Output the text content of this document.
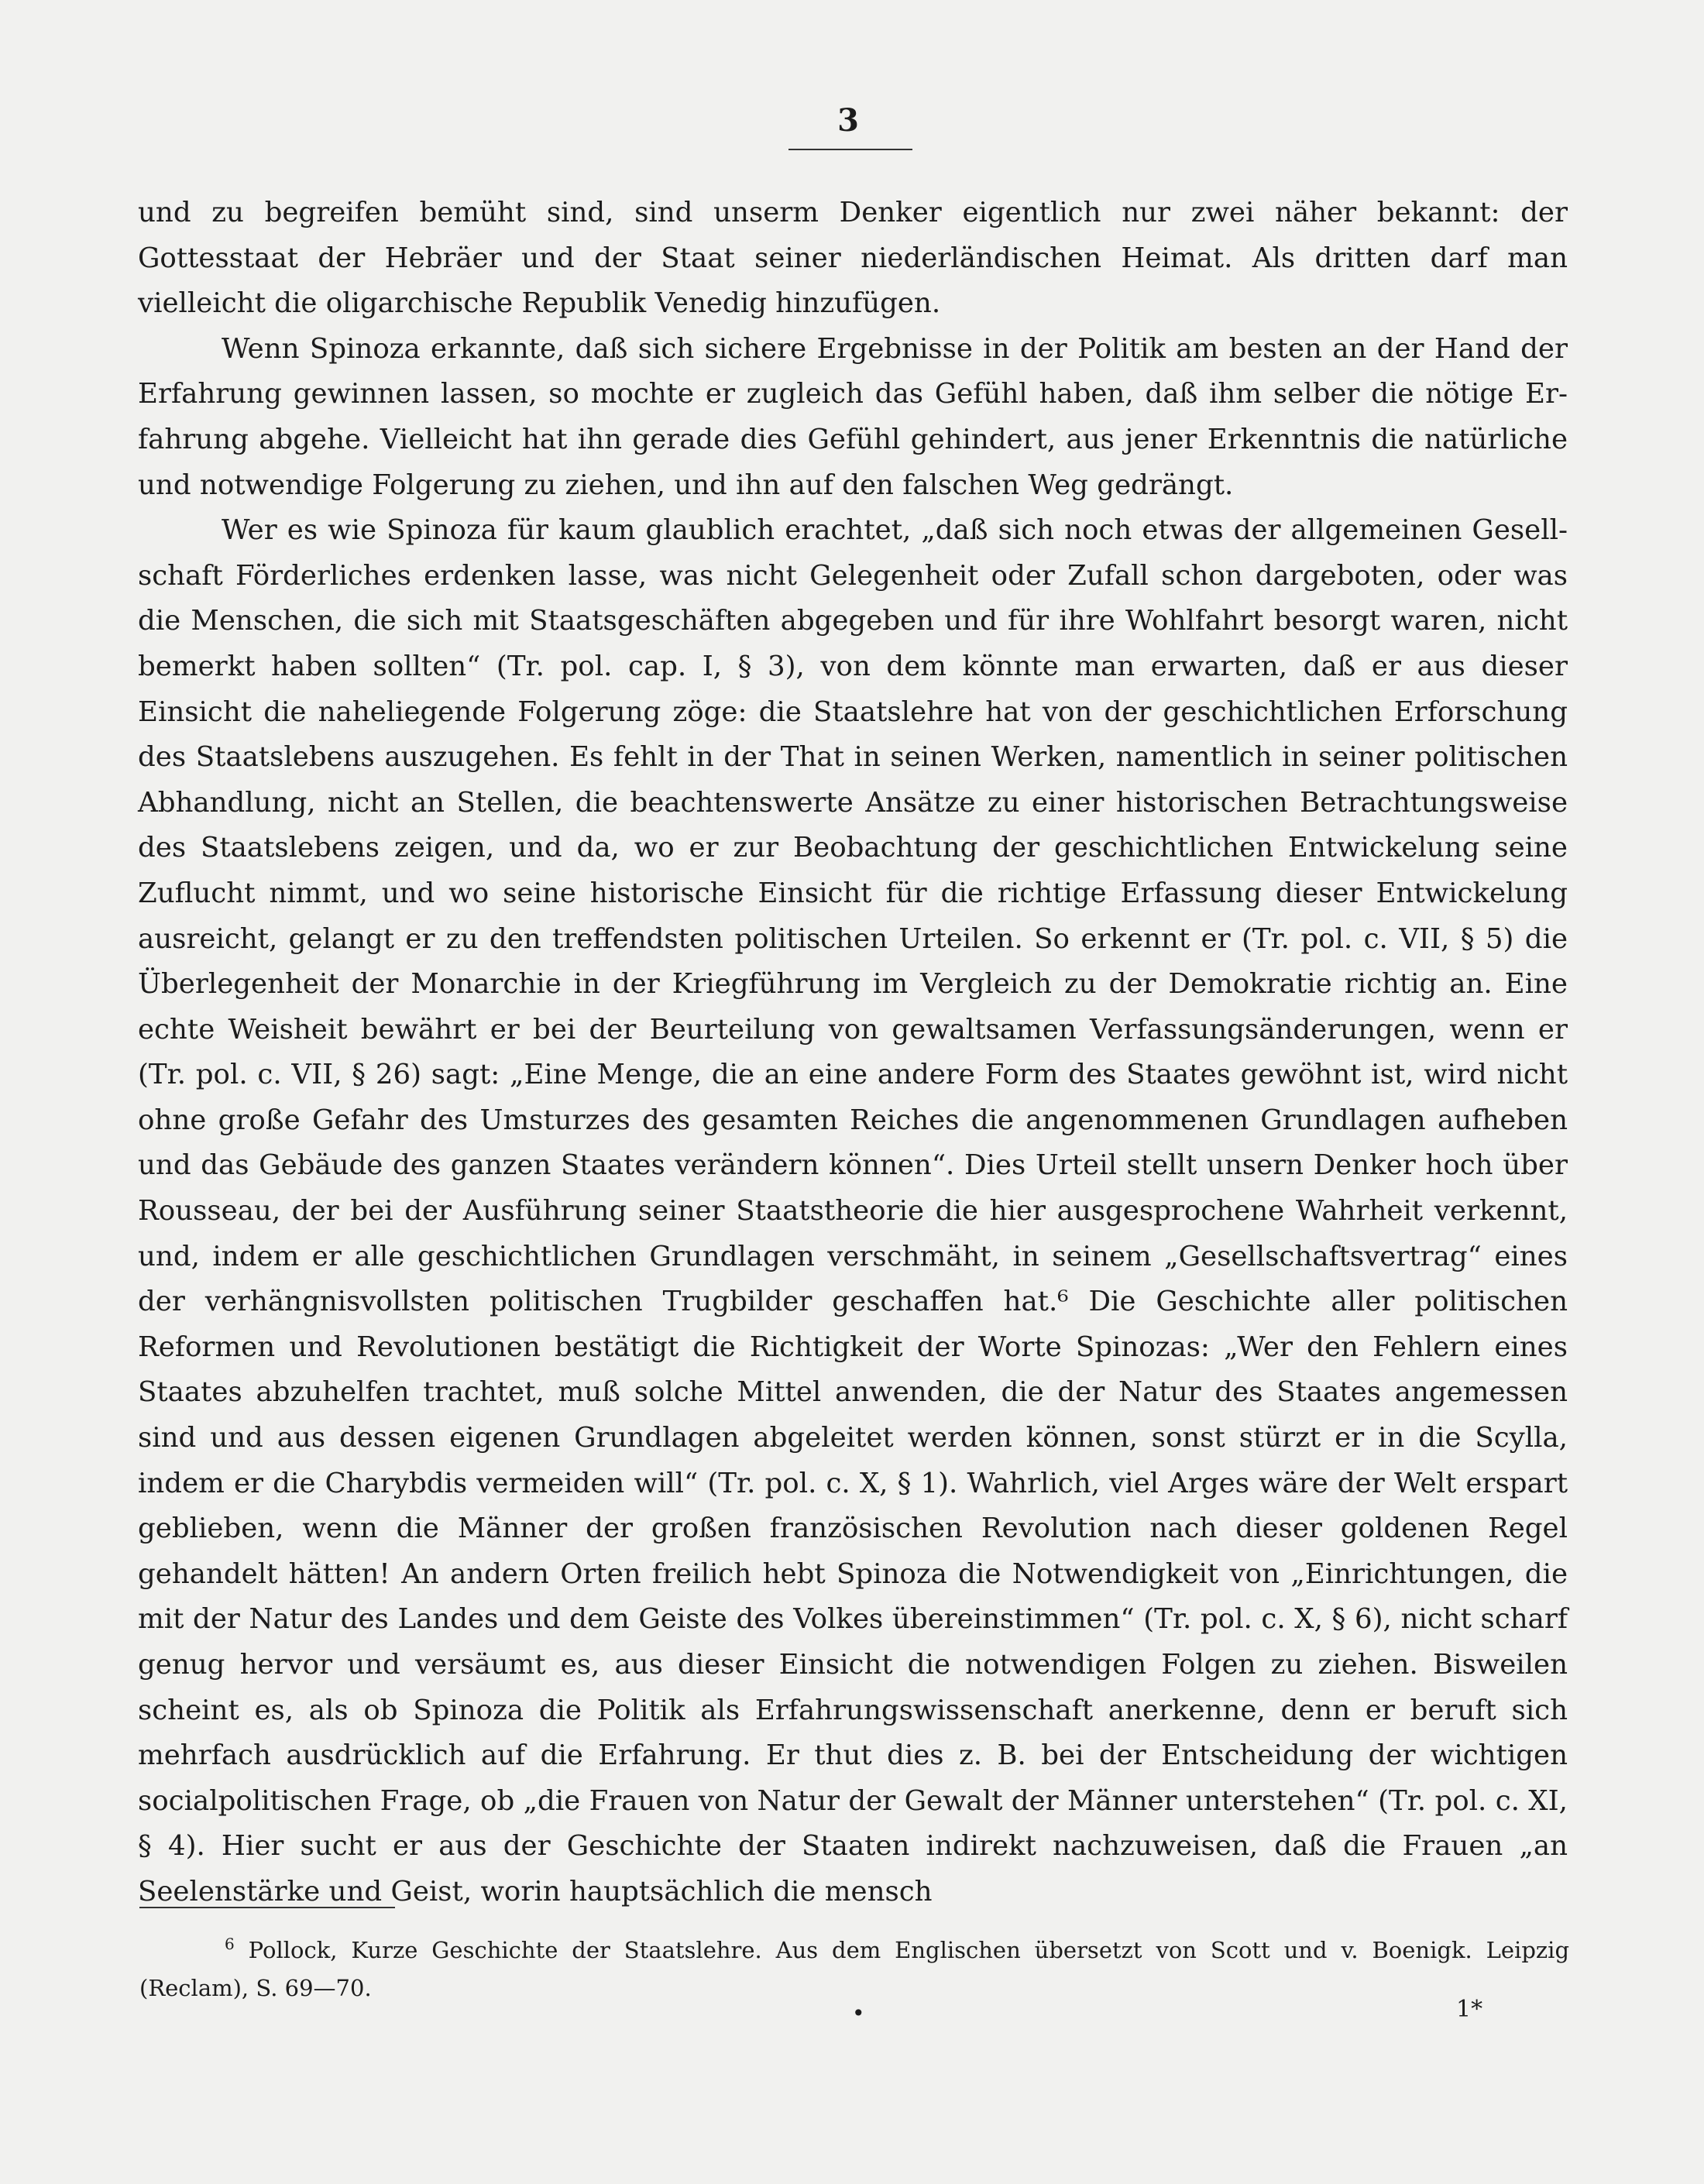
3

und zu begreifen bemüht sind, sind unserm Denker eigentlich nur zwei näher bekannt: der Gottesstaat der Hebräer und der Staat seiner niederländischen Heimat. Als dritten darf man vielleicht die oligarchische Republik Venedig hinzufügen.

Wenn Spinoza erkannte, daß sich sichere Ergebnisse in der Politik am besten an der Hand der Erfahrung gewinnen lassen, so mochte er zugleich das Gefühl haben, daß ihm selber die nötige Erfahrung abgehe. Vielleicht hat ihn gerade dies Gefühl gehindert, aus jener Erkenntnis die natürliche und notwendige Folgerung zu ziehen, und ihn auf den falschen Weg gedrängt.

Wer es wie Spinoza für kaum glaublich erachtet, „daß sich noch etwas der allgemeinen Gesellschaft Förderliches erdenken lasse, was nicht Gelegenheit oder Zufall schon dargeboten, oder was die Menschen, die sich mit Staatsgeschäften abgegeben und für ihre Wohlfahrt besorgt waren, nicht bemerkt haben sollten“ (Tr. pol. cap. I, § 3), von dem könnte man erwarten, daß er aus dieser Einsicht die naheliegende Folgerung zöge: die Staatslehre hat von der geschichtlichen Erforschung des Staatslebens auszugehen. Es fehlt in der That in seinen Werken, namentlich in seiner politischen Abhandlung, nicht an Stellen, die beachtenswerte Ansätze zu einer historischen Betrachtungsweise des Staatslebens zeigen, und da, wo er zur Beobachtung der geschichtlichen Entwickelung seine Zuflucht nimmt, und wo seine historische Einsicht für die richtige Erfassung dieser Entwickelung ausreicht, gelangt er zu den treffendsten politischen Urteilen. So erkennt er (Tr. pol. c. VII, § 5) die Überlegenheit der Monarchie in der Kriegführung im Vergleich zu der Demokratie richtig an. Eine echte Weisheit bewährt er bei der Beurteilung von gewaltsamen Verfassungsänderungen, wenn er (Tr. pol. c. VII, § 26) sagt: „Eine Menge, die an eine andere Form des Staates gewöhnt ist, wird nicht ohne große Gefahr des Umsturzes des gesamten Reiches die angenommenen Grundlagen aufheben und das Gebäude des ganzen Staates verändern können“. Dies Urteil stellt unsern Denker hoch über Rousseau, der bei der Ausführung seiner Staatstheorie die hier ausgesprochene Wahrheit verkennt, und, indem er alle geschichtlichen Grundlagen verschmäht, in seinem „Gesellschaftsvertrag“ eines der verhängnisvollsten politischen Trugbilder geschaffen hat.⁶ Die Geschichte aller politischen Reformen und Revolutionen bestätigt die Richtigkeit der Worte Spinozas: „Wer den Fehlern eines Staates abzuhelfen trachtet, muß solche Mittel anwenden, die der Natur des Staates angemessen sind und aus dessen eigenen Grundlagen abgeleitet werden können, sonst stürzt er in die Scylla, indem er die Charybdis vermeiden will“ (Tr. pol. c. X, § 1). Wahrlich, viel Arges wäre der Welt erspart geblieben, wenn die Männer der großen französischen Revolution nach dieser goldenen Regel gehandelt hätten! An andern Orten freilich hebt Spinoza die Notwendigkeit von „Einrichtungen, die mit der Natur des Landes und dem Geiste des Volkes übereinstimmen“ (Tr. pol. c. X, § 6), nicht scharf genug hervor und versäumt es, aus dieser Einsicht die notwendigen Folgen zu ziehen. Bisweilen scheint es, als ob Spinoza die Politik als Erfahrungswissenschaft anerkenne, denn er beruft sich mehrfach ausdrücklich auf die Erfahrung. Er thut dies z. B. bei der Entscheidung der wichtigen socialpolitischen Frage, ob „die Frauen von Natur der Gewalt der Männer unterstehen“ (Tr. pol. c. XI, § 4). Hier sucht er aus der Geschichte der Staaten indirekt nachzuweisen, daß die Frauen „an Seelenstärke und Geist, worin hauptsächlich die mensch

6 Pollock, Kurze Geschichte der Staatslehre. Aus dem Englischen übersetzt von Scott und v. Boenigk. Leipzig (Reclam), S. 69—70.
•	1*
